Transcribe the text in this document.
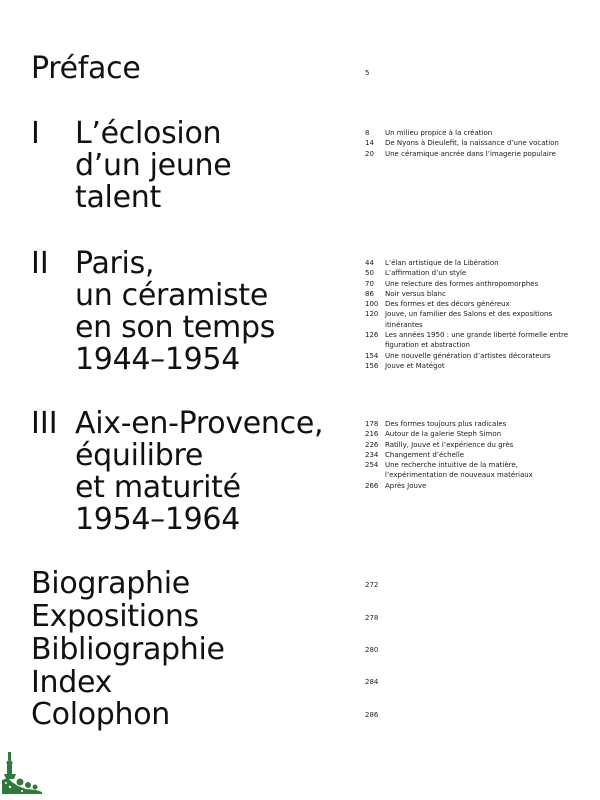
Préface	5
I L’éclosion
d’un jeune
talent
8	Un milieu propice à la création
14	De Nyons à Dieulefit, la naissance d’une vocation
20	Une céramique ancrée dans l’imagerie populaire
II Paris,
un céramiste
en son temps
1944–1954
44	L’élan artistique de la Libération
50	L’affirmation d’un style
70	Une relecture des formes anthropomorphes
86	Noir versus blanc
100 Des formes et des décors généreux
120 Jouve, un familier des Salons et des expositions itinérantes
126 Les années 1950 : une grande liberté formelle entre figuration et abstraction
154 Une nouvelle génération d’artistes décorateurs
156 Jouve et Matégot
III Aix-en-Provence,
équilibre
et maturité
1954–1964
178 Des formes toujours plus radicales
216 Autour de la galerie Steph Simon
226 Ratilly, Jouve et l’expérience du grès
234 Changement d’échelle
254 Une recherche intuitive de la matière, l’expérimentation de nouveaux matériaux
266 Après Jouve
Biographie	272
Expositions	278
Bibliographie	280
Index	284
Colophon	286
